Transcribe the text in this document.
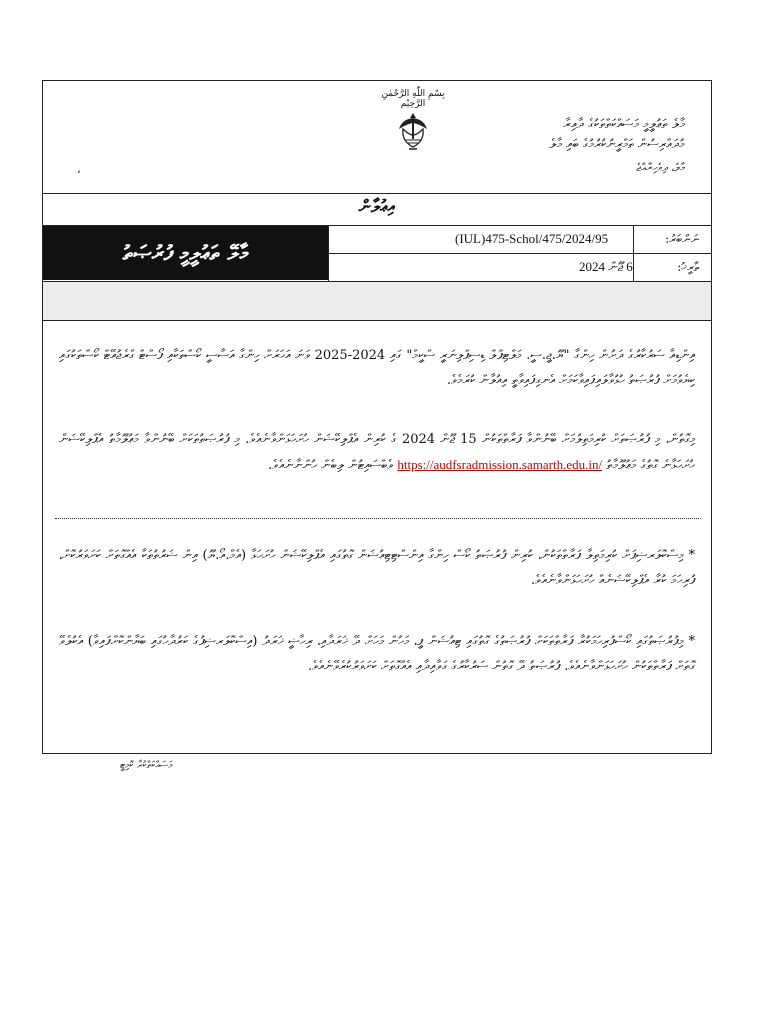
بِسْمِ اللّٰهِ الرَّحْمٰنِ الرَّحِيْم
މާލެ ތަޢުލީމީ މަސައްކަތްތަކުގެ ދާއިރާ
މުދައްރިސުން ތަމްރީނުކުރުމުގެ ބައި މާލެ
މާލެ، ދިވެހިރާއްޖެ
،
އިޢުލާން
މާލޭ ތަޢުލީމީ ފުރުޞަތު
(IUL)475-Schol/475/2024/95	ނަންބަރު:
6 ޖޫން 2024	ތާރީޚު:
އިންޑިއާ ސަރުކާރުގެ ދަށުން ހިންގާ "ޔޫ.ޖީ.ސީ. މަލްޓިޕްލް ޑިސިޕްލިނަރީ ސްކީމް" ގައި 2024-2025 ވަނަ އަހަރަށް ހިންގާ އަސާސީ ކޯސްތަކާއި ފޯސްޓް ގްރެޖުއޭޓް ކޯސްތަކުގައި ކިޔެވުމަށް ފުރުޞަތު ހުޅުވާލައިފައިވާކަމަށް އެނގިފައިވާތީ އިއުލާން ކުރަމެވެ.
މިގޮތުން، މި ފުރުޞަތަށް ކުރިމަތިލުމަށް ބޭނުންވާ ފަރާތްތަކުން 15 ޖޫން 2024 ގެ ކުރިން އެޕްލިކޭޝަން ހުށަހަޅަންވާނެއެވެ. މި ފުރުޞަތުތަކަށް ބޭނުންވާ މަޢުލޫމާތު އެޕްލިކޭޝަން ހުށަހަޅާނެ ގޮތުގެ މަޢުލޫމާތު https://audfsradmission.samarth.edu.in/ ވެބްސައިޓުން ލިބެން ހުންނާނެއެވެ.
* މިސްކޮލަރޝިޕަށް ކުރިމަތިލާ ފަރާތްތަކުން، ކުރިން ފުރުޞަތު ކޯސް ހިންގާ އިންސްޓިޓިއުޝަން ގޮތުގައި އެޕްލިކޭޝަން ހުށަހަޅާ (އެމް.އޯ.ޔޫ) އިން ޝަރުތުތަކާ އެއްގޮތަށް ކަށަވަރުކޮށް، ފުރިހަމަ ކުރާ އެޕްލިކޭޝަނެއް ހުށަހަޅަންވާނެއެވެ.
* މިފުރުޞަތުގައި ކޯސްފުރިހަމަކުރާ ފަރާތްތަކަށް ފުރުޞަތުގެ ގޮތުގައި ޓިއުޝަން ފީ، މަހުން މަހަށް ދޭ ޚަރަދާއި، ރިހާޝީ ޚަރަދު (އިސްކޮލަރޝިޕުގެ ކަރުދާހުގައި ބަޔާންކޮށްފައިވާ) އެކުލެވޭ ގޮތަށް ފަރާތްތަކުން ހުށަހަޅަންވާނެއެވެ. ފުރުޞަތު ދޭ ގޮތުން ސަރުކާރުގެ ގަވާއިދާއި އެއްގޮތަށް ކަށަވަރުކުރެވޭނެއެވެ.
މަސައްކަތްކުރާ ކޮމިޓީ
